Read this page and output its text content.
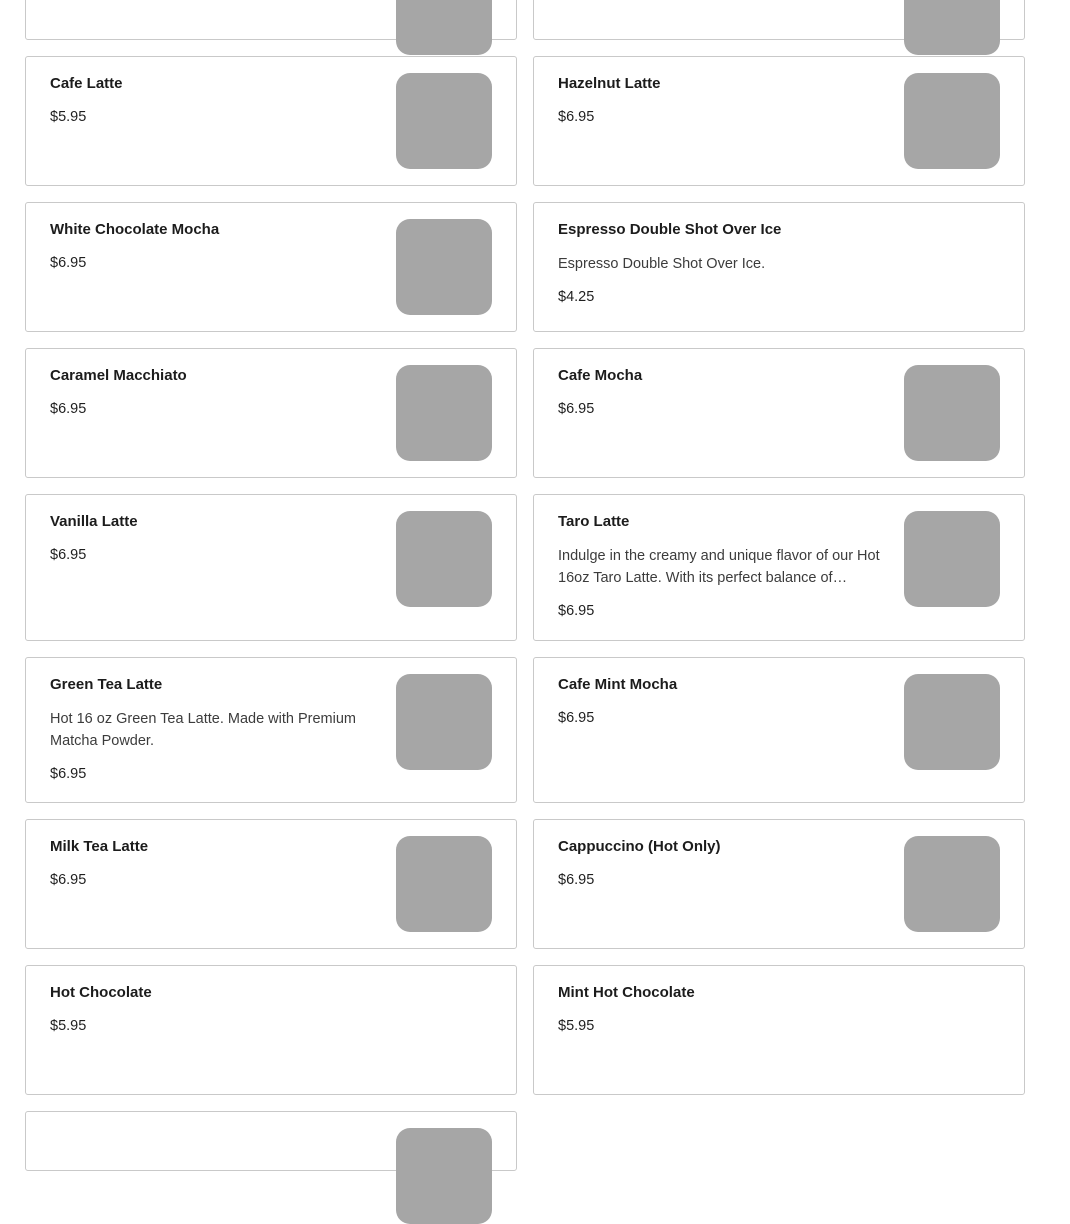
Cafe Latte
$5.95
Hazelnut Latte
$6.95
White Chocolate Mocha
$6.95
Espresso Double Shot Over Ice
Espresso Double Shot Over Ice.
$4.25
Caramel Macchiato
$6.95
Cafe Mocha
$6.95
Vanilla Latte
$6.95
Taro Latte
Indulge in the creamy and unique flavor of our Hot 16oz Taro Latte. With its perfect balance of
$6.95
Green Tea Latte
Hot 16 oz Green Tea Latte. Made with Premium Matcha Powder.
$6.95
Cafe Mint Mocha
$6.95
Milk Tea Latte
$6.95
Cappuccino (Hot Only)
$6.95
Hot Chocolate
$5.95
Mint Hot Chocolate
$5.95
